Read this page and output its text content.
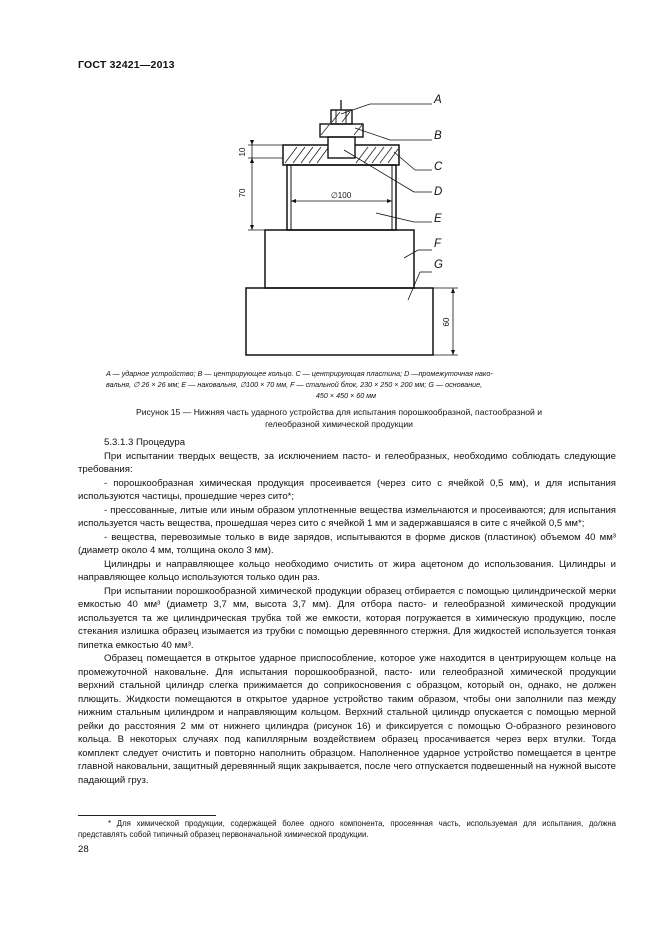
ГОСТ 32421—2013
10
70	∅100
60
A
B
C
D
E
F
G
A — ударное устройство; B — центрирующее кольцо. C — центрирующая пластина; D —промежуточная нако-
вальня, ∅ 26 × 26 мм; E — наковальня, ∅100 × 70 мм, F — стальной блок, 230 × 250 × 200 мм; G — основание,
450 × 450 × 60 мм
Рисунок 15 — Нижняя часть ударного устройства для испытания порошкообразной, пастообразной и
гелеобразной химической продукции

5.3.1.3 Процедура

При испытании твердых веществ, за исключением пасто- и гелеобразных, необходимо соблюдать следующие требования:

- порошкообразная химическая продукция просеивается (через сито с ячейкой 0,5 мм), и для испытания используются частицы, прошедшие через сито*;

- прессованные, литые или иным образом уплотненные вещества измельчаются и просеиваются; для испытания используется часть вещества, прошедшая через сито с ячейкой 1 мм и задержавшаяся в сите с ячейкой 0,5 мм*;

- вещества, перевозимые только в виде зарядов, испытываются в форме дисков (пластинок) объемом 40 мм³ (диаметр около 4 мм, толщина около 3 мм).

Цилиндры и направляющее кольцо необходимо очистить от жира ацетоном до использования. Цилиндры и направляющее кольцо используются только один раз.

При испытании порошкообразной химической продукции образец отбирается с помощью цилиндрической мерки емкостью 40 мм³ (диаметр 3,7 мм, высота 3,7 мм). Для отбора пасто- и гелеобразной химической продукции используется та же цилиндрическая трубка той же емкости, которая погружается в химическую продукцию, после стекания излишка образец изымается из трубки с помощью деревянного стержня. Для жидкостей используется тонкая пипетка емкостью 40 мм³.

Образец помещается в открытое ударное приспособление, которое уже находится в центрирующем кольце на промежуточной наковальне. Для испытания порошкообразной, пасто- или гелеобразной химической продукции верхний стальной цилиндр слегка прижимается до соприкосновения с образцом, который он, однако, не должен плющить. Жидкости помещаются в открытое ударное устройство таким образом, чтобы они заполнили паз между нижним стальным цилиндром и направляющим кольцом. Верхний стальной цилиндр опускается с помощью мерной рейки до расстояния 2 мм от нижнего цилиндра (рисунок 16) и фиксируется с помощью О-образного резинового кольца. В некоторых случаях под капиллярным воздействием образец просачивается через верх втулки. Тогда комплект следует очистить и повторно наполнить образцом. Наполненное ударное устройство помещается в центре главной наковальни, защитный деревянный ящик закрывается, после чего отпускается подвешенный на нужной высоте падающий груз.

* Для химической продукции, содержащей более одного компонента, просеянная часть, используемая для испытания, должна представлять собой типичный образец первоначальной химической продукции.
28
